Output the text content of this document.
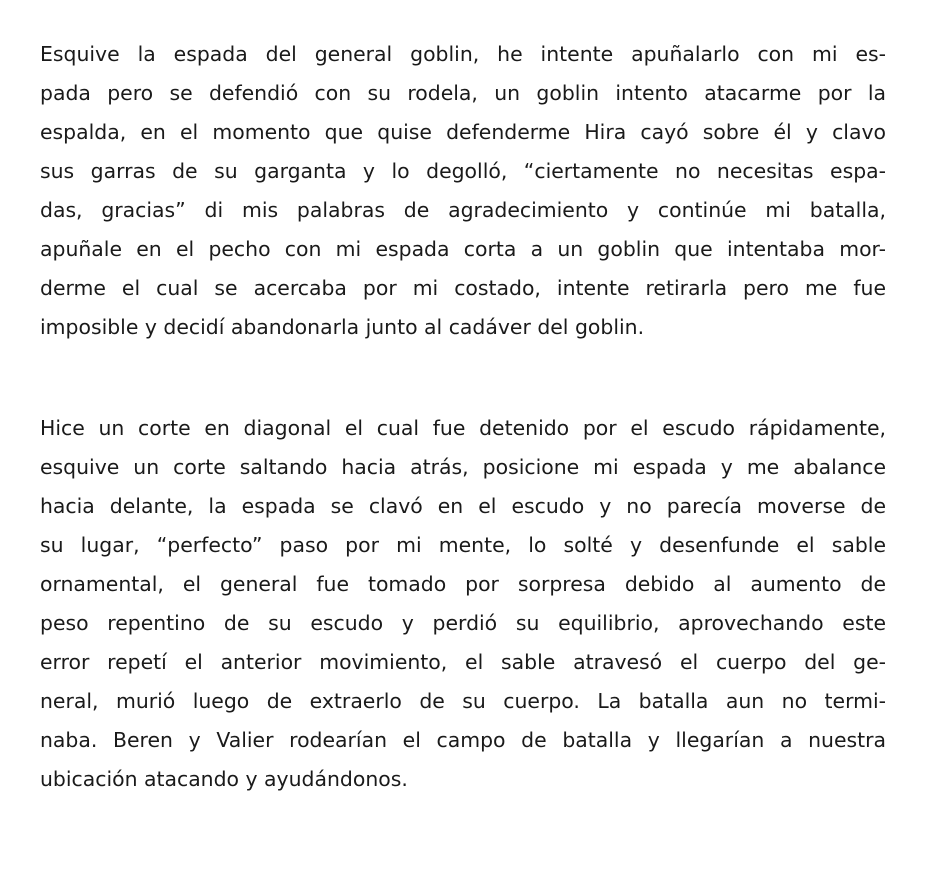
Esquive la espada del general goblin, he intente apuñalarlo con mi es-
pada pero se defendió con su rodela, un goblin intento atacarme por la
espalda, en el momento que quise defenderme Hira cayó sobre él y clavo
sus garras de su garganta y lo degolló, “ciertamente no necesitas espa-
das, gracias” di mis palabras de agradecimiento y continúe mi batalla,
apuñale en el pecho con mi espada corta a un goblin que intentaba mor-
derme el cual se acercaba por mi costado, intente retirarla pero me fue
imposible y decidí abandonarla junto al cadáver del goblin.

Hice un corte en diagonal el cual fue detenido por el escudo rápidamente,
esquive un corte saltando hacia atrás, posicione mi espada y me abalance
hacia delante, la espada se clavó en el escudo y no parecía moverse de
su lugar, “perfecto” paso por mi mente, lo solté y desenfunde el sable
ornamental, el general fue tomado por sorpresa debido al aumento de
peso repentino de su escudo y perdió su equilibrio, aprovechando este
error repetí el anterior movimiento, el sable atravesó el cuerpo del ge-
neral, murió luego de extraerlo de su cuerpo. La batalla aun no termi-
naba. Beren y Valier rodearían el campo de batalla y llegarían a nuestra
ubicación atacando y ayudándonos.
